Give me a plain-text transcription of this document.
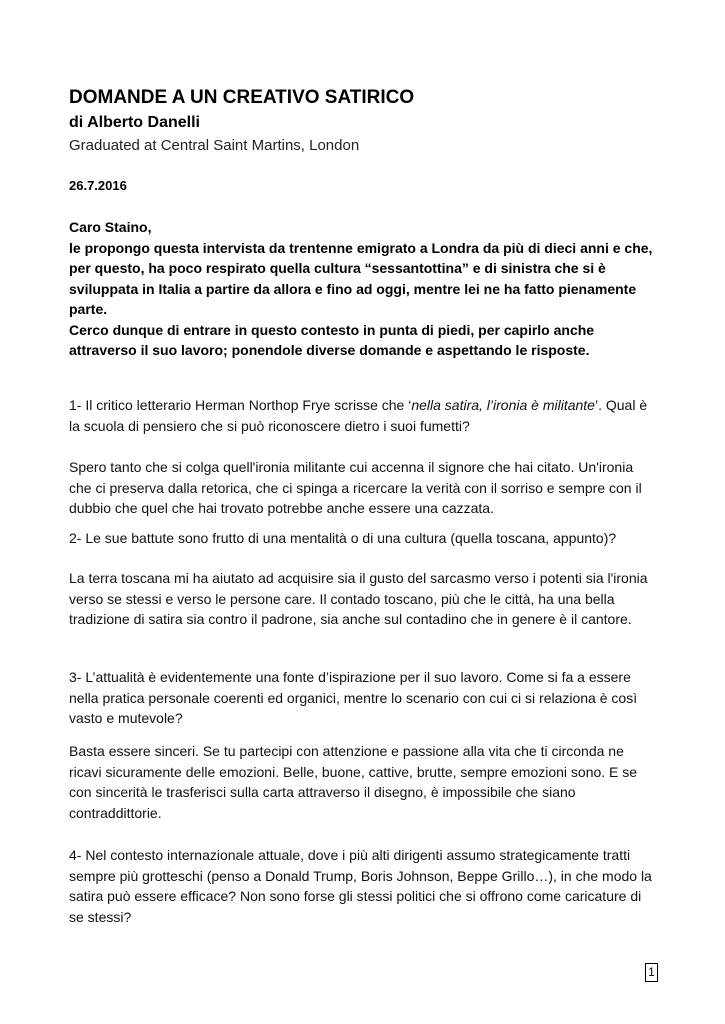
DOMANDE A UN CREATIVO SATIRICO
di Alberto Danelli
Graduated at Central Saint Martins, London
26.7.2016

Caro Staino,

le propongo questa intervista da trentenne emigrato a Londra da più di dieci anni e che, per questo, ha poco respirato quella cultura “sessantottina” e di sinistra che si è sviluppata in Italia a partire da allora e fino ad oggi, mentre lei ne ha fatto pienamente parte.

Cerco dunque di entrare in questo contesto in punta di piedi, per capirlo anche attraverso il suo lavoro; ponendole diverse domande e aspettando le risposte.

1- Il critico letterario Herman Northop Frye scrisse che ‘nella satira, l’ironia è militante’. Qual è la scuola di pensiero che si può riconoscere dietro i suoi fumetti?

Spero tanto che si colga quell'ironia militante cui accenna il signore che hai citato. Un'ironia che ci preserva dalla retorica, che ci spinga a ricercare la verità con il sorriso e sempre con il dubbio che quel che hai trovato potrebbe anche essere una cazzata.

2- Le sue battute sono frutto di una mentalità o di una cultura (quella toscana, appunto)?

La terra toscana mi ha aiutato ad acquisire sia il gusto del sarcasmo verso i potenti sia l'ironia verso se stessi e verso le persone care. Il contado toscano, più che le città, ha una bella tradizione di satira sia contro il padrone, sia anche sul contadino che in genere è il cantore.

3- L’attualità è evidentemente una fonte d’ispirazione per il suo lavoro. Come si fa a essere nella pratica personale coerenti ed organici, mentre lo scenario con cui ci si relaziona è così vasto e mutevole?

Basta essere sinceri. Se tu partecipi con attenzione e passione alla vita che ti circonda ne ricavi sicuramente delle emozioni. Belle, buone, cattive, brutte, sempre emozioni sono. E se con sincerità le trasferisci sulla carta attraverso il disegno, è impossibile che siano contraddittorie.

4- Nel contesto internazionale attuale, dove i più alti dirigenti assumo strategicamente tratti sempre più grotteschi (penso a Donald Trump, Boris Johnson, Beppe Grillo…), in che modo la satira può essere efficace? Non sono forse gli stessi politici che si offrono come caricature di se stessi?

1
